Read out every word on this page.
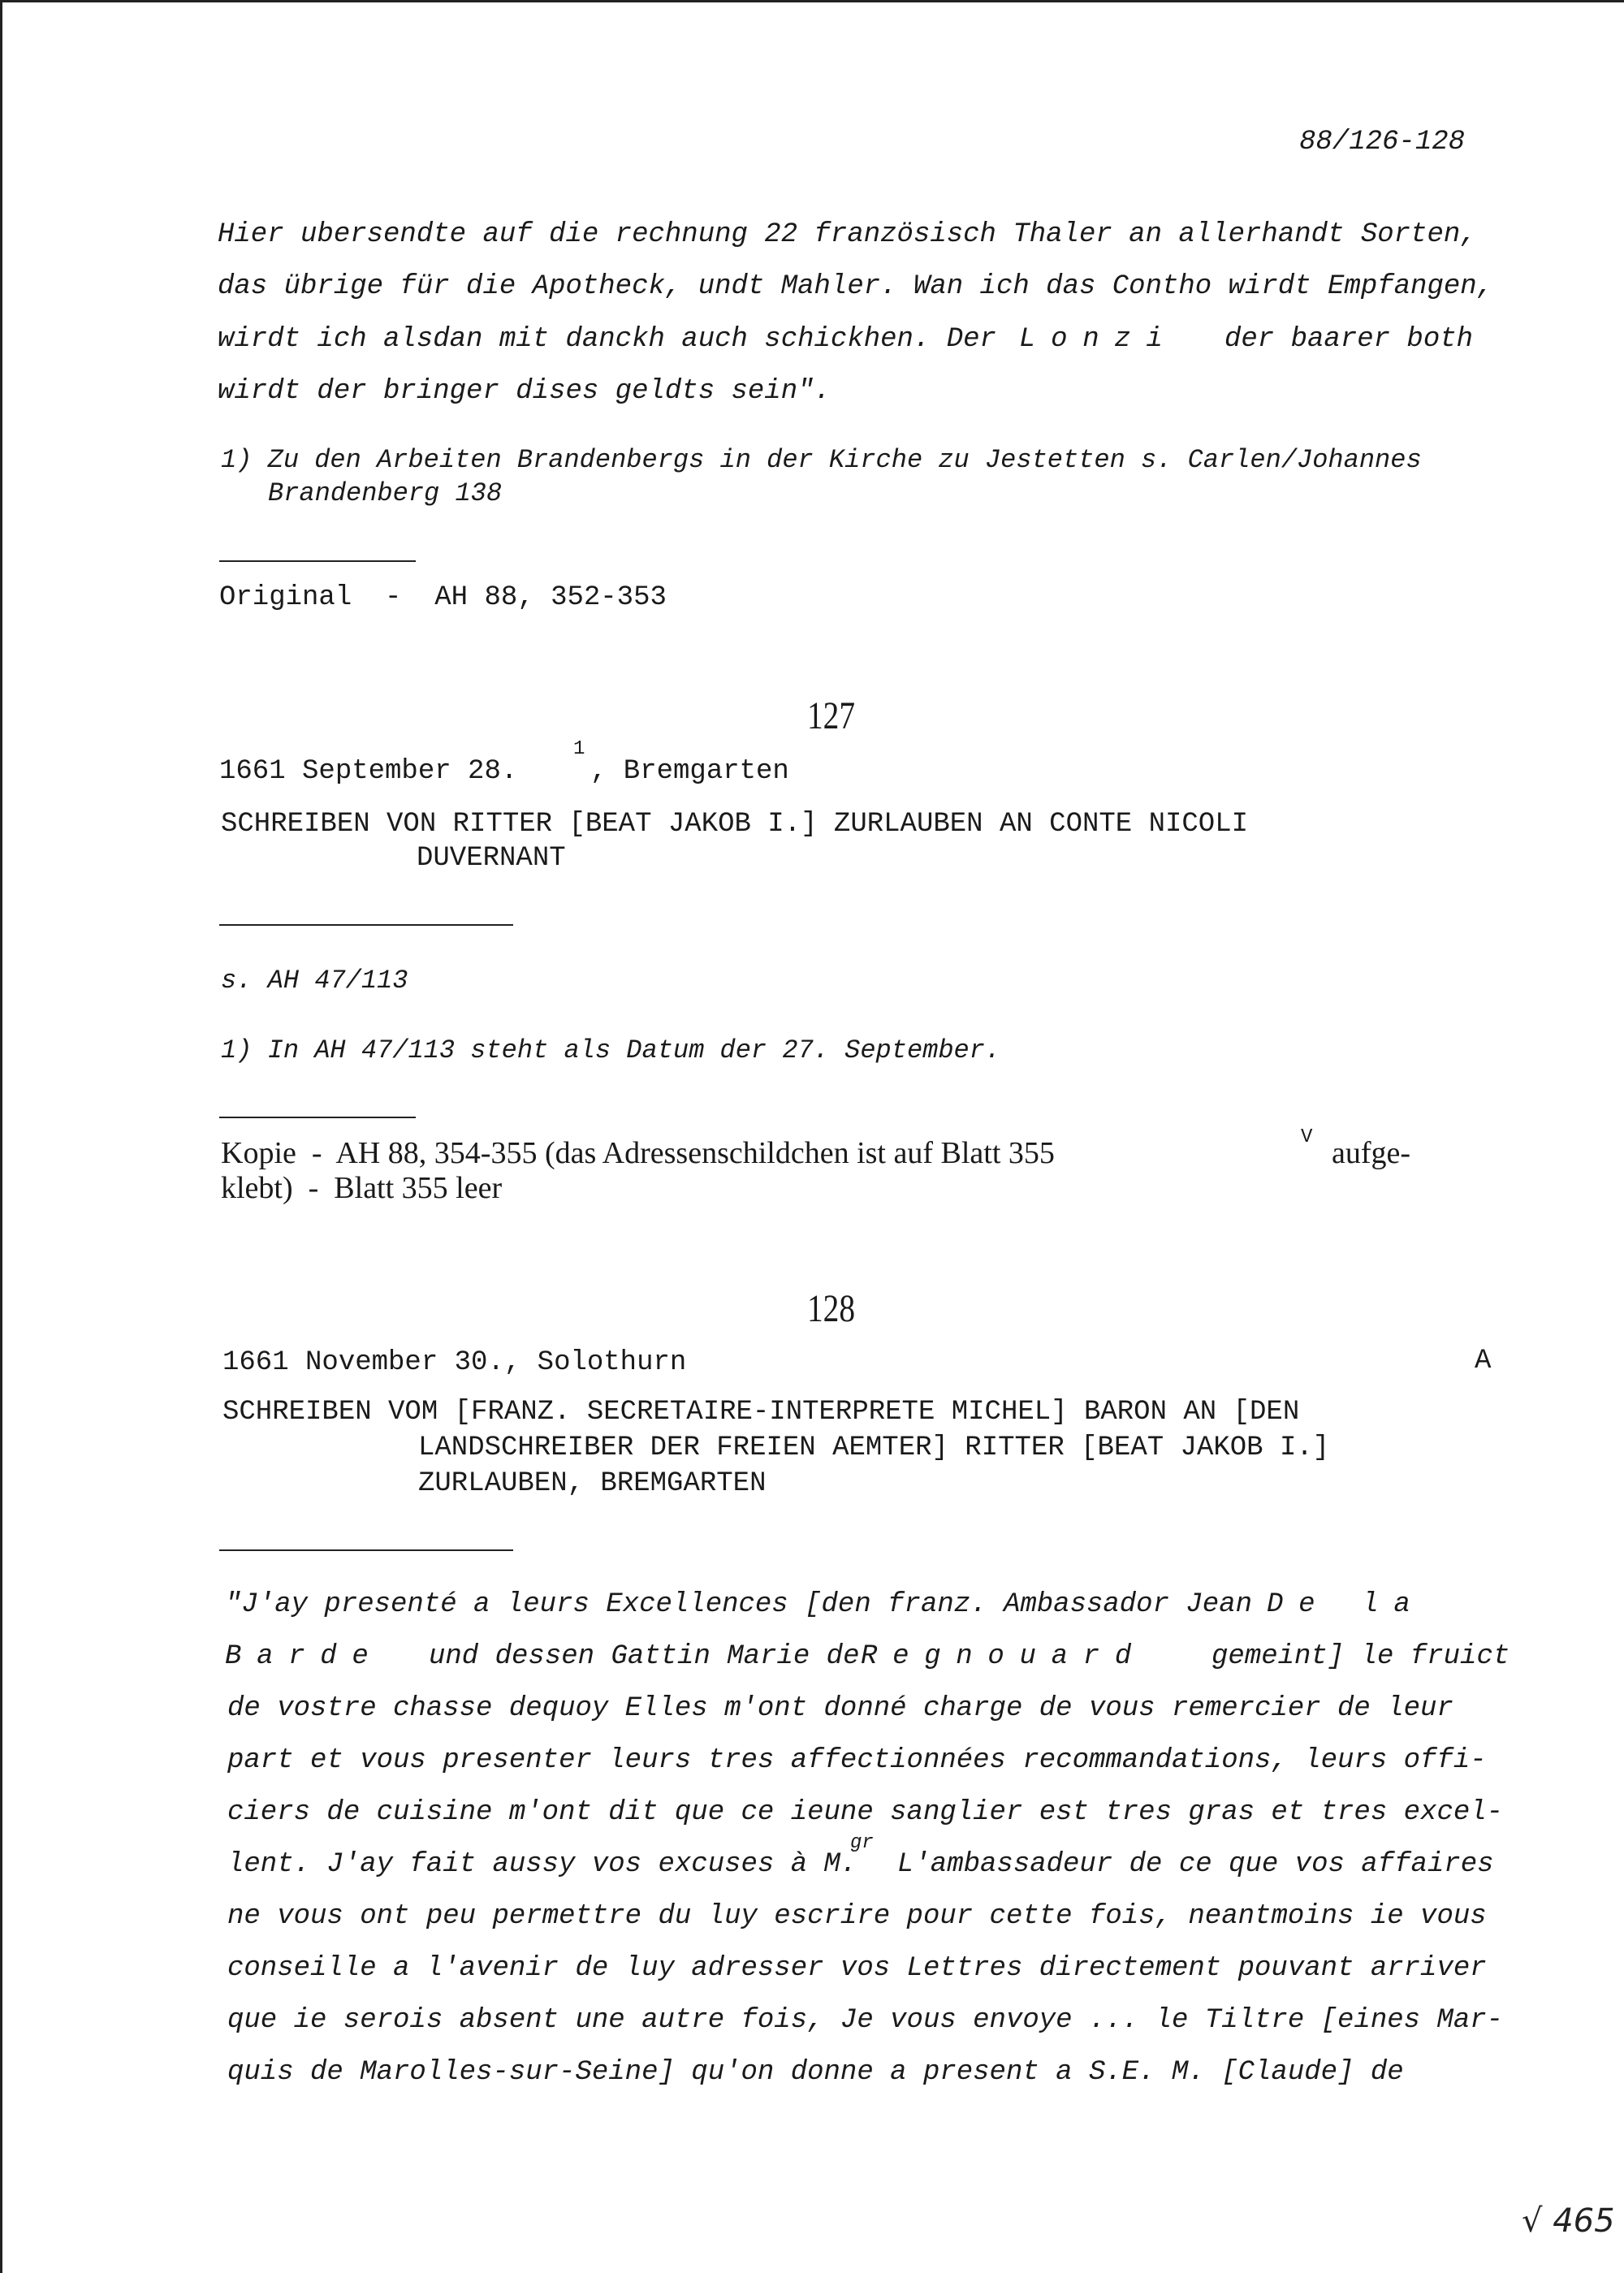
88/126-128
Hier ubersendte auf die rechnung 22 französisch Thaler an allerhandt Sorten,
das übrige für die Apotheck, undt Mahler. Wan ich das Contho wirdt Empfangen,
wirdt ich alsdan mit danckh auch schickhen. Der Lonzi der baarer both
wirdt der bringer dises geldts sein".
1) Zu den Arbeiten Brandenbergs in der Kirche zu Jestetten s. Carlen/Johannes
Brandenberg 138
Original  -  AH 88, 352-353
127
1661 September 28.
1
, Bremgarten
SCHREIBEN VON RITTER [BEAT JAKOB I.] ZURLAUBEN AN CONTE NICOLI
DUVERNANT
s. AH 47/113
1) In AH 47/113 steht als Datum der 27. September.
Kopie  -  AH 88, 354-355 (das Adressenschildchen ist auf Blatt 355	V aufge-
klebt)  -  Blatt 355 leer
128
1661 November 30., Solothurn	A
SCHREIBEN VOM [FRANZ. SECRETAIRE-INTERPRETE MICHEL] BARON AN [DEN
LANDSCHREIBER DER FREIEN AEMTER] RITTER [BEAT JAKOB I.]
ZURLAUBEN, BREMGARTEN
"J'ay presenté a leurs Excellences [den franz. Ambassador Jean De la
Barde und dessen Gattin Marie de Regnouard gemeint] le fruict
de vostre chasse dequoy Elles m'ont donné charge de vous remercier de leur
part et vous presenter leurs tres affectionnées recommandations, leurs offi-
ciers de cuisine m'ont dit que ce ieune sanglier est tres gras et tres excel-
lent. J'ay fait aussy vos excuses à M.
gr
L'ambassadeur de ce que vos affaires
ne vous ont peu permettre du luy escrire pour cette fois, neantmoins ie vous
conseille a l'avenir de luy adresser vos Lettres directement pouvant arriver
que ie serois absent une autre fois, Je vous envoye ... le Tiltre [eines Mar-
quis de Marolles-sur-Seine] qu'on donne a present a S.E. M. [Claude] de
√ 465
